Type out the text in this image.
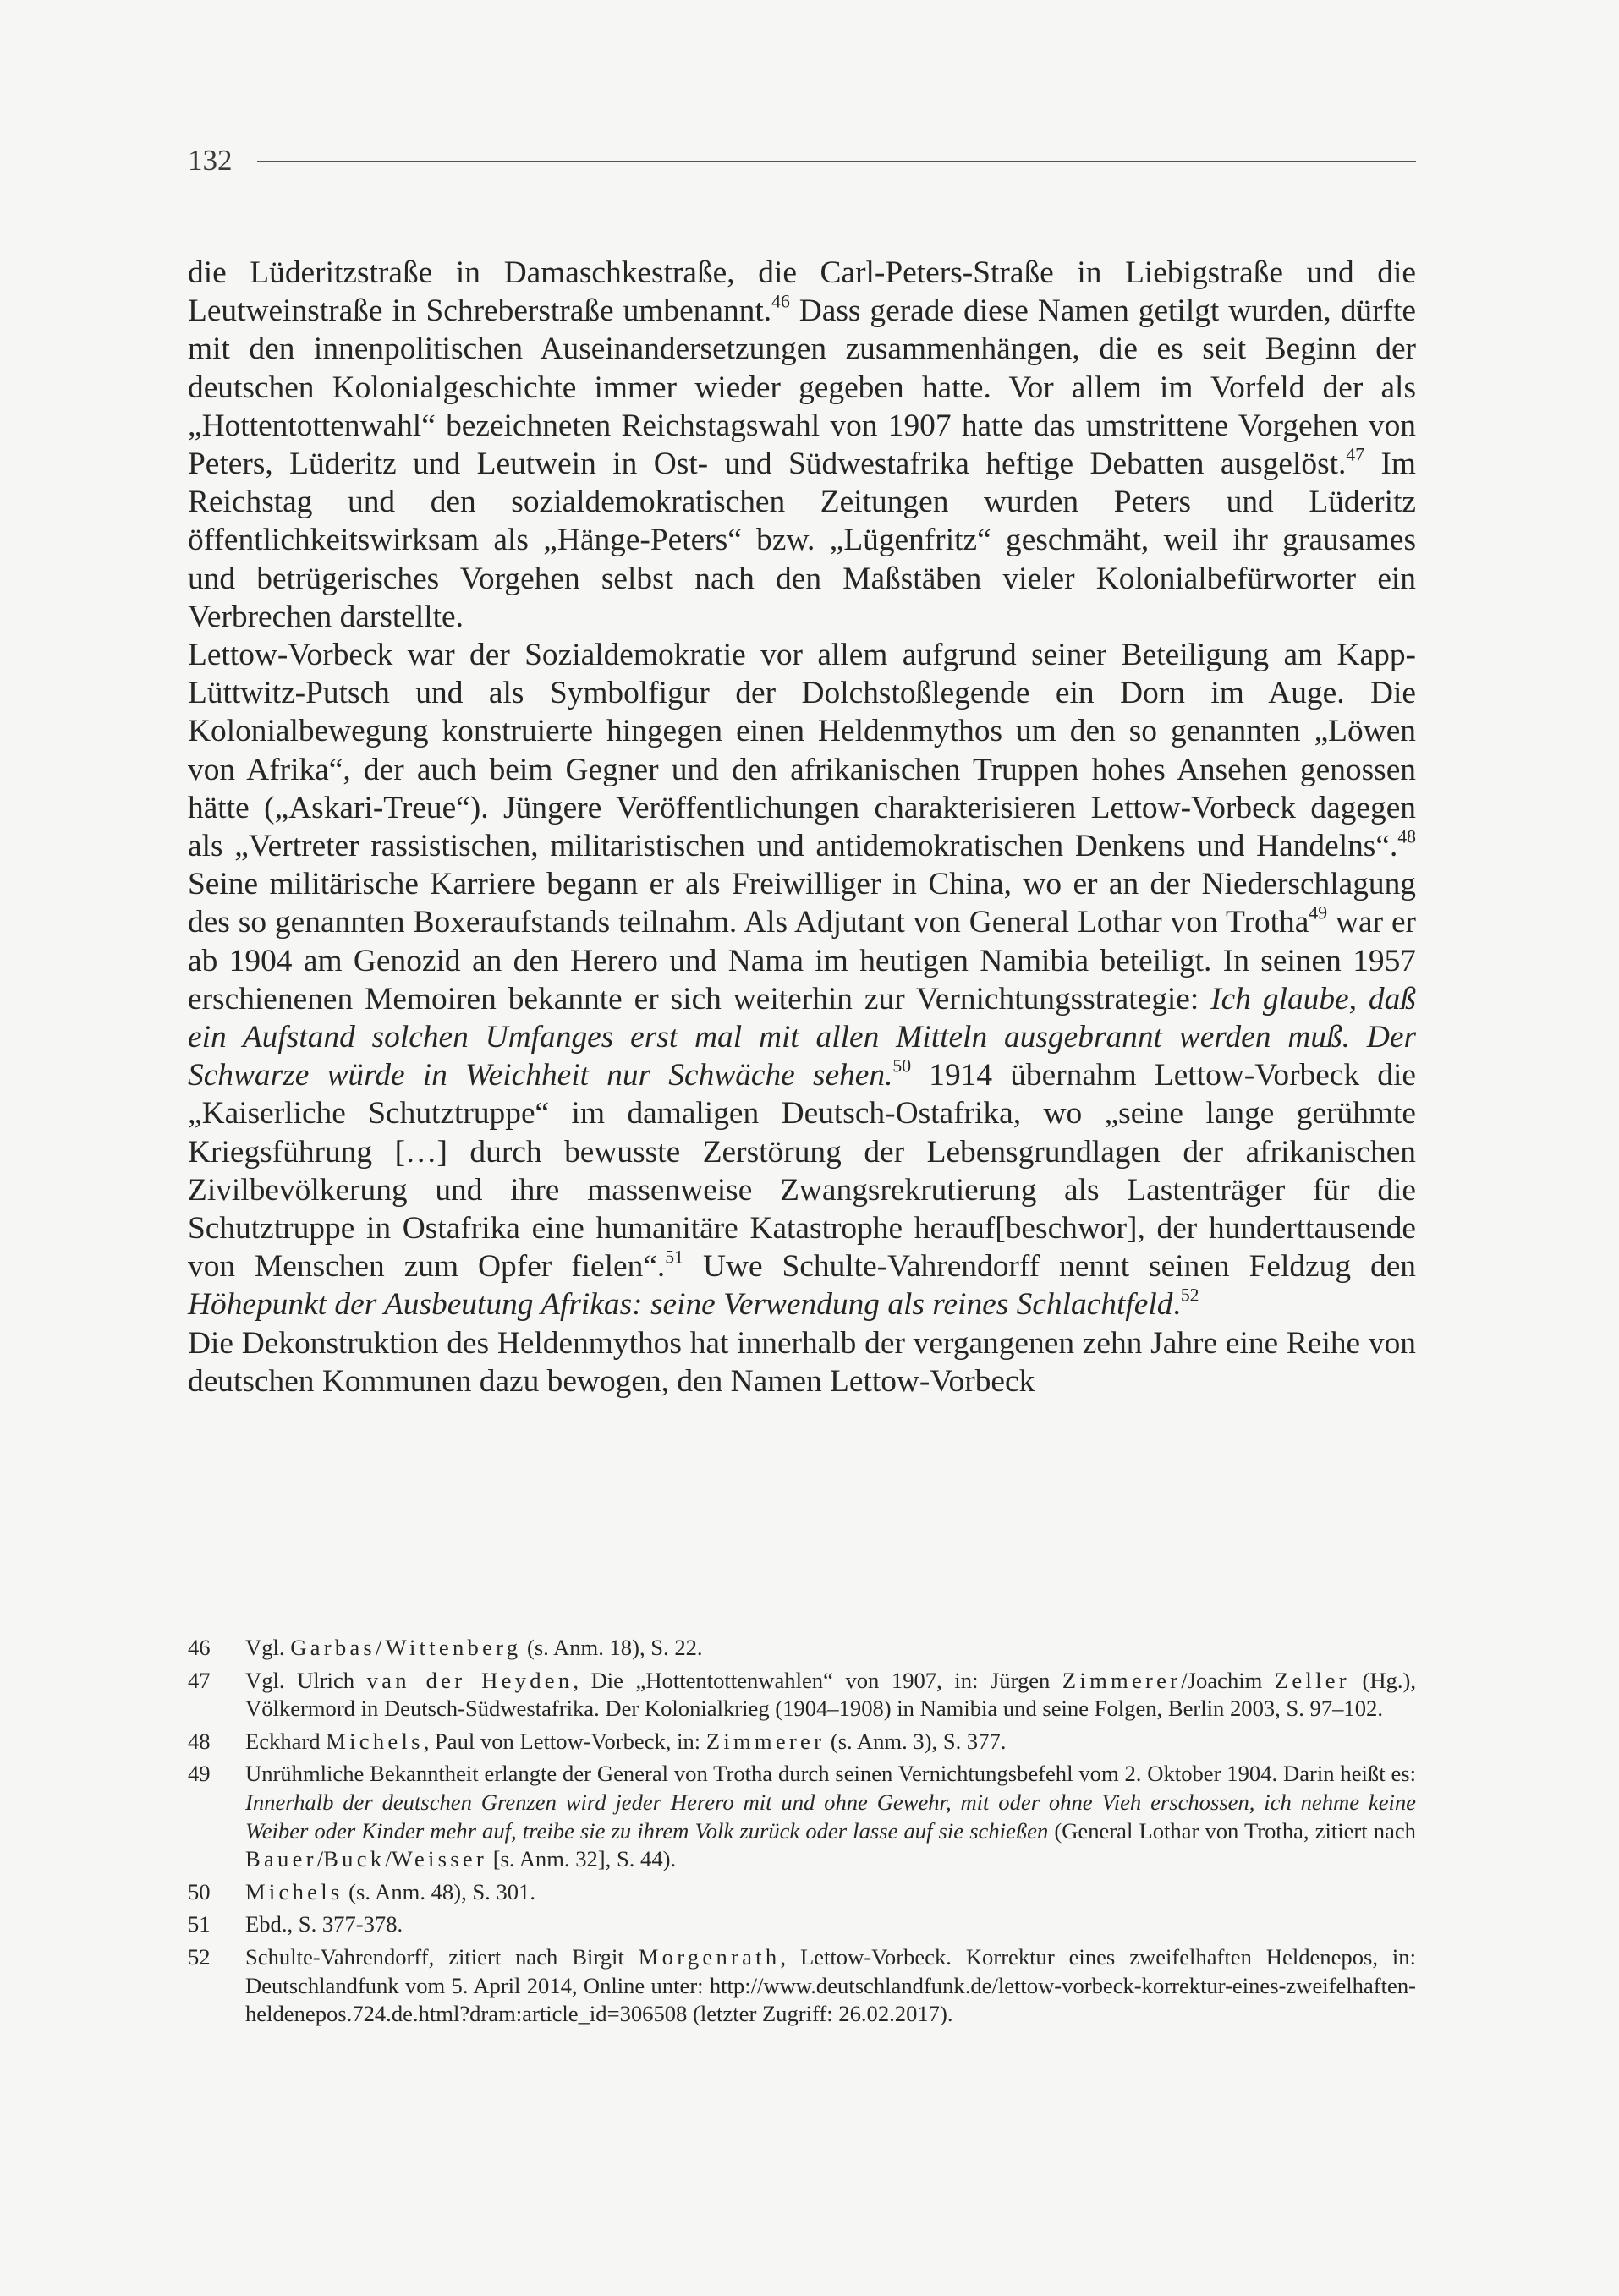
132

die Lüderitzstraße in Damaschkestraße, die Carl-Peters-Straße in Liebigstraße und die Leutweinstraße in Schreberstraße umbenannt.$^{46}$ Dass gerade diese Namen getilgt wurden, dürfte mit den innenpolitischen Auseinandersetzungen zusammenhängen, die es seit Beginn der deutschen Kolonialgeschichte immer wieder gegeben hatte. Vor allem im Vorfeld der als „Hottentottenwahl“ bezeichneten Reichstagswahl von 1907 hatte das umstrittene Vorgehen von Peters, Lüderitz und Leutwein in Ost- und Südwestafrika heftige Debatten ausgelöst.$^{47}$ Im Reichstag und den sozialdemokratischen Zeitungen wurden Peters und Lüderitz öffentlichkeitswirksam als „Hänge-Peters“ bzw. „Lügenfritz“ geschmäht, weil ihr grausames und betrügerisches Vorgehen selbst nach den Maßstäben vieler Kolonialbefürworter ein Verbrechen darstellte.

Lettow-Vorbeck war der Sozialdemokratie vor allem aufgrund seiner Beteiligung am Kapp-Lüttwitz-Putsch und als Symbolfigur der Dolchstoßlegende ein Dorn im Auge. Die Kolonialbewegung konstruierte hingegen einen Heldenmythos um den so genannten „Löwen von Afrika“, der auch beim Gegner und den afrikanischen Truppen hohes Ansehen genossen hätte („Askari-Treue“). Jüngere Veröffentlichungen charakterisieren Lettow-Vorbeck dagegen als „Vertreter rassistischen, militaristischen und antidemokratischen Denkens und Handelns“.$^{48}$ Seine militärische Karriere begann er als Freiwilliger in China, wo er an der Niederschlagung des so genannten Boxeraufstands teilnahm. Als Adjutant von General Lothar von Trotha$^{49}$ war er ab 1904 am Genozid an den Herero und Nama im heutigen Namibia beteiligt. In seinen 1957 erschienenen Memoiren bekannte er sich weiterhin zur Vernichtungsstrategie: Ich glaube, daß ein Aufstand solchen Umfanges erst mal mit allen Mitteln ausgebrannt werden muß. Der Schwarze würde in Weichheit nur Schwäche sehen.$^{50}$ 1914 übernahm Lettow-Vorbeck die „Kaiserliche Schutztruppe“ im damaligen Deutsch-Ostafrika, wo „seine lange gerühmte Kriegsführung […] durch bewusste Zerstörung der Lebensgrundlagen der afrikanischen Zivilbevölkerung und ihre massenweise Zwangsrekrutierung als Lastenträger für die Schutztruppe in Ostafrika eine humanitäre Katastrophe herauf[beschwor], der hunderttausende von Menschen zum Opfer fielen“.$^{51}$ Uwe Schulte-Vahrendorff nennt seinen Feldzug den Höhepunkt der Ausbeutung Afrikas: seine Verwendung als reines Schlachtfeld.$^{52}$

Die Dekonstruktion des Heldenmythos hat innerhalb der vergangenen zehn Jahre eine Reihe von deutschen Kommunen dazu bewogen, den Namen Lettow-Vorbeck

46 Vgl. Garbas/Wittenberg (s. Anm. 18), S. 22.
47 Vgl. Ulrich van der Heyden, Die „Hottentottenwahlen“ von 1907, in: Jürgen Zimmerer/Joachim Zeller (Hg.), Völkermord in Deutsch-Südwestafrika. Der Kolonialkrieg (1904–1908) in Namibia und seine Folgen, Berlin 2003, S. 97–102.
48 Eckhard Michels, Paul von Lettow-Vorbeck, in: Zimmerer (s. Anm. 3), S. 377.
49 Unrühmliche Bekanntheit erlangte der General von Trotha durch seinen Vernichtungsbefehl vom 2. Oktober 1904. Darin heißt es: Innerhalb der deutschen Grenzen wird jeder Herero mit und ohne Gewehr, mit oder ohne Vieh erschossen, ich nehme keine Weiber oder Kinder mehr auf, treibe sie zu ihrem Volk zurück oder lasse auf sie schießen (General Lothar von Trotha, zitiert nach Bauer/Buck/Weisser [s. Anm. 32], S. 44).
50 Michels (s. Anm. 48), S. 301.
51 Ebd., S. 377-378.
52 Schulte-Vahrendorff, zitiert nach Birgit Morgenrath, Lettow-Vorbeck. Korrektur eines zweifelhaften Heldenepos, in: Deutschlandfunk vom 5. April 2014, Online unter: http://www.deutschlandfunk.de/lettow-vorbeck-korrektur-eines-zweifelhaften-heldenepos.724.de.html?dram:article_id=306508 (letzter Zugriff: 26.02.2017).
